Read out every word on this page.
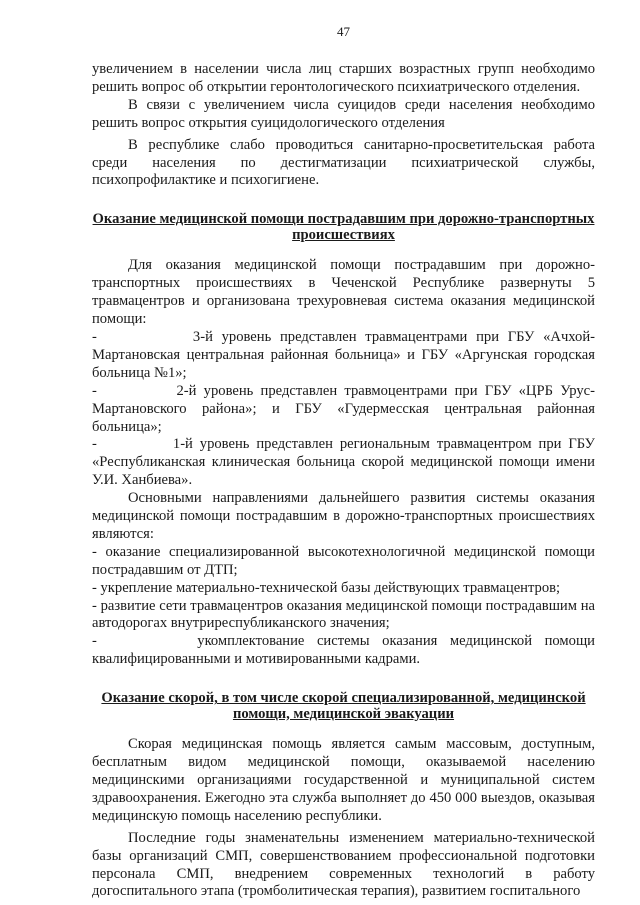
47

увеличением в населении числа лиц старших возрастных групп необходимо решить вопрос об открытии геронтологического психиатрического отделения.

В связи с увеличением числа суицидов среди населения необходимо решить вопрос открытия суицидологического отделения

В республике слабо проводиться санитарно-просветительская работа среди населения по дестигматизации психиатрической службы, психопрофилактике и психогигиене.

Оказание медицинской помощи пострадавшим при дорожно-транспортных происшествиях

Для оказания медицинской помощи пострадавшим при дорожно-транспортных происшествиях в Чеченской Республике развернуты 5 травмацентров и организована трехуровневая система оказания медицинской помощи:

-           3-й уровень представлен травмацентрами при ГБУ «Ачхой-Мартановская центральная районная больница» и ГБУ «Аргунская городская больница №1»;

-           2-й уровень представлен травмоцентрами при ГБУ «ЦРБ Урус-Мартановского района»; и ГБУ «Гудермесская центральная районная больница»;

-           1-й уровень представлен региональным травмацентром при ГБУ «Республиканская клиническая больница скорой медицинской помощи имени У.И. Ханбиева».

Основными направлениями дальнейшего развития системы оказания медицинской помощи пострадавшим в дорожно-транспортных происшествиях являются:

- оказание специализированной высокотехнологичной медицинской помощи пострадавшим от ДТП;

- укрепление материально-технической базы действующих травмацентров;

- развитие сети травмацентров оказания медицинской помощи пострадавшим на автодорогах внутриреспубликанского значения;

-        укомплектование системы оказания медицинской помощи квалифицированными и мотивированными кадрами.

Оказание скорой, в том числе скорой специализированной, медицинской помощи, медицинской эвакуации

Скорая медицинская помощь является самым массовым, доступным, бесплатным видом медицинской помощи, оказываемой населению медицинскими организациями государственной и муниципальной систем здравоохранения. Ежегодно эта служба выполняет до 450 000 выездов, оказывая медицинскую помощь населению республики.

Последние годы знаменательны изменением материально-технической базы организаций СМП, совершенствованием профессиональной подготовки персонала СМП, внедрением современных технологий в работу догоспитального этапа (тромболитическая терапия), развитием госпитального
